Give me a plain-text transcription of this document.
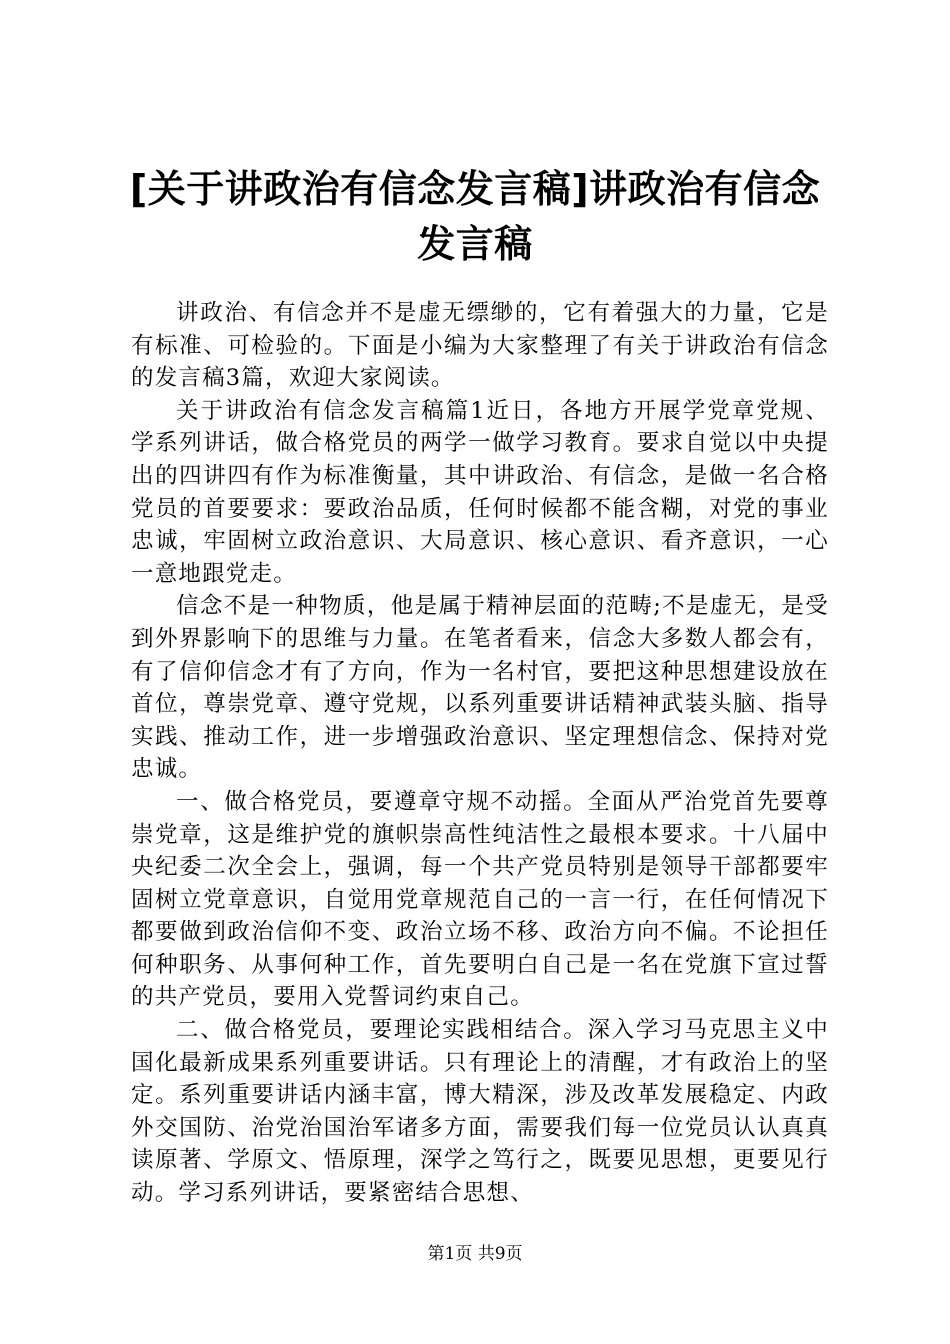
[关于讲政治有信念发言稿]讲政治有信念发言稿

讲政治、有信念并不是虚无缥缈的，它有着强大的力量，它是有标准、可检验的。下面是小编为大家整理了有关于讲政治有信念的发言稿3篇，欢迎大家阅读。

关于讲政治有信念发言稿篇1近日，各地方开展学党章党规、学系列讲话，做合格党员的两学一做学习教育。要求自觉以中央提出的四讲四有作为标准衡量，其中讲政治、有信念，是做一名合格党员的首要要求：要政治品质，任何时候都不能含糊，对党的事业忠诚，牢固树立政治意识、大局意识、核心意识、看齐意识，一心一意地跟党走。

信念不是一种物质，他是属于精神层面的范畴;不是虚无，是受到外界影响下的思维与力量。在笔者看来，信念大多数人都会有，有了信仰信念才有了方向，作为一名村官，要把这种思想建设放在首位，尊崇党章、遵守党规，以系列重要讲话精神武装头脑、指导实践、推动工作，进一步增强政治意识、坚定理想信念、保持对党忠诚。

一、做合格党员，要遵章守规不动摇。全面从严治党首先要尊崇党章，这是维护党的旗帜崇高性纯洁性之最根本要求。十八届中央纪委二次全会上，强调，每一个共产党员特别是领导干部都要牢固树立党章意识，自觉用党章规范自己的一言一行，在任何情况下都要做到政治信仰不变、政治立场不移、政治方向不偏。不论担任何种职务、从事何种工作，首先要明白自己是一名在党旗下宣过誓的共产党员，要用入党誓词约束自己。

二、做合格党员，要理论实践相结合。深入学习马克思主义中国化最新成果系列重要讲话。只有理论上的清醒，才有政治上的坚定。系列重要讲话内涵丰富，博大精深，涉及改革发展稳定、内政外交国防、治党治国治军诸多方面，需要我们每一位党员认认真真读原著、学原文、悟原理，深学之笃行之，既要见思想，更要见行动。学习系列讲话，要紧密结合思想、

第1页 共9页
